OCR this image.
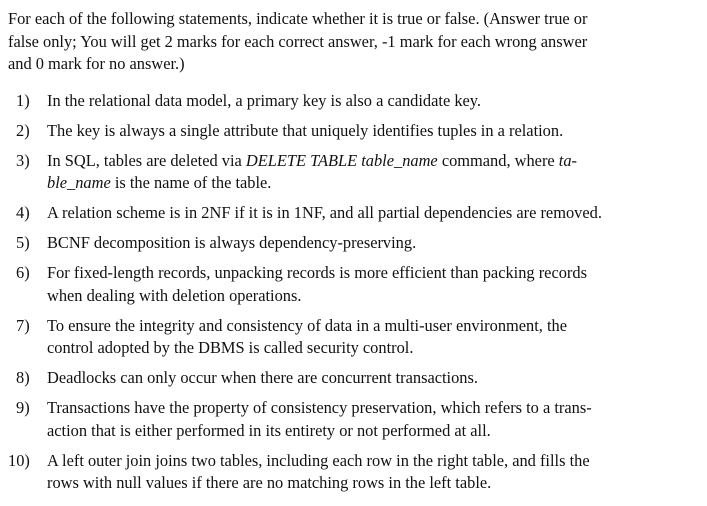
For each of the following statements, indicate whether it is true or false. (Answer true or
false only; You will get 2 marks for each correct answer, -1 mark for each wrong answer
and 0 mark for no answer.)

1) In the relational data model, a primary key is also a candidate key.
2) The key is always a single attribute that uniquely identifies tuples in a relation.
3) In SQL, tables are deleted via DELETE TABLE table_name command, where ta-
ble_name is the name of the table.
4) A relation scheme is in 2NF if it is in 1NF, and all partial dependencies are removed.
5) BCNF decomposition is always dependency-preserving.
6) For fixed-length records, unpacking records is more efficient than packing records
when dealing with deletion operations.
7) To ensure the integrity and consistency of data in a multi-user environment, the
control adopted by the DBMS is called security control.
8) Deadlocks can only occur when there are concurrent transactions.
9) Transactions have the property of consistency preservation, which refers to a trans-
action that is either performed in its entirety or not performed at all.
10) A left outer join joins two tables, including each row in the right table, and fills the
rows with null values if there are no matching rows in the left table.
